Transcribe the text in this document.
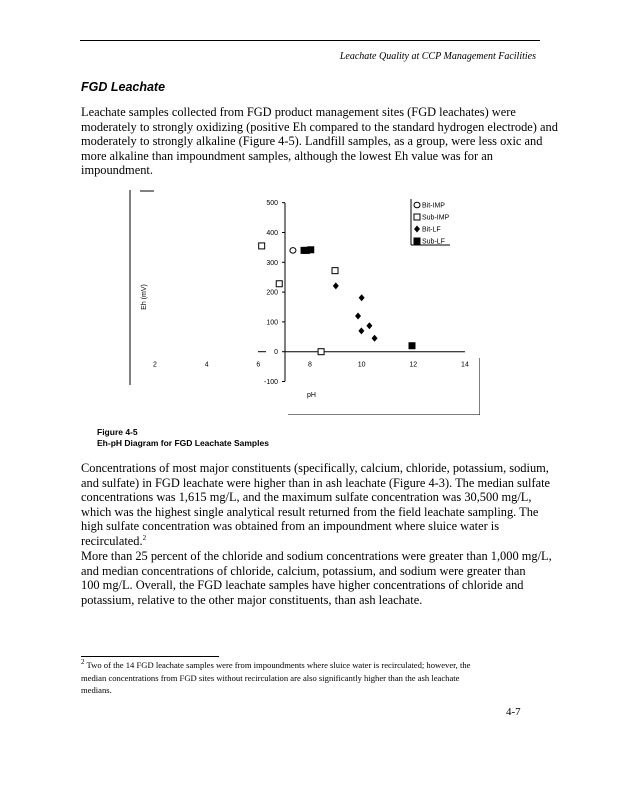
Leachate Quality at CCP Management Facilities
FGD Leachate
Leachate samples collected from FGD product management sites (FGD leachates) were
moderately to strongly oxidizing (positive Eh compared to the standard hydrogen electrode) and
moderately to strongly alkaline (Figure 4-5). Landfill samples, as a group, were less oxic and
more alkaline than impoundment samples, although the lowest Eh value was for an
impoundment.
500
400
300
200
100
0
-100
2	4	6	8	10	12	14
Eh (mV)
pH
Bit-IMP
Sub-IMP
Bit-LF
Sub-LF
Figure 4-5
Eh-pH Diagram for FGD Leachate Samples
Concentrations of most major constituents (specifically, calcium, chloride, potassium, sodium,
and sulfate) in FGD leachate were higher than in ash leachate (Figure 4-3). The median sulfate
concentrations was 1,615 mg/L, and the maximum sulfate concentration was 30,500 mg/L,
which was the highest single analytical result returned from the field leachate sampling. The
high sulfate concentration was obtained from an impoundment where sluice water is
recirculated.$^2$
More than 25 percent of the chloride and sodium concentrations were greater than 1,000 mg/L,
and median concentrations of chloride, calcium, potassium, and sodium were greater than
100 mg/L. Overall, the FGD leachate samples have higher concentrations of chloride and
potassium, relative to the other major constituents, than ash leachate.
$^2$ Two of the 14 FGD leachate samples were from impoundments where sluice water is recirculated; however, the
median concentrations from FGD sites without recirculation are also significantly higher than the ash leachate
medians.
4-7
